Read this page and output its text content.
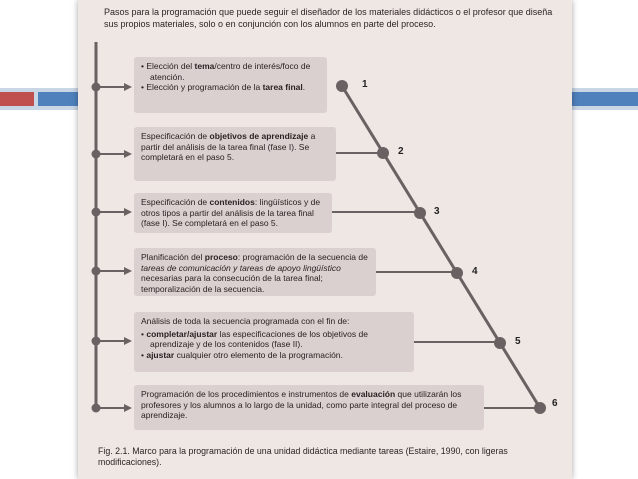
Pasos para la programación que puede seguir el diseñador de los materiales didácticos o el profesor que diseña sus propios materiales, solo o en conjunción con los alumnos en parte del proceso.
• Elección del tema/centro de interés/foco de atención.
• Elección y programación de la tarea final.	1
Especificación de objetivos de aprendizaje a partir del análisis de la tarea final (fase I). Se completará en el paso 5.
2
Especificación de contenidos: lingüísticos y de otros tipos a partir del análisis de la tarea final (fase I). Se completará en el paso 5.
3
Planificación del proceso: programación de la secuencia de tareas de comunicación y tareas de apoyo lingüístico necesarias para la consecución de la tarea final; temporalización de la secuencia.
4
Análisis de toda la secuencia programada con el fin de:
• completar/ajustar las especificaciones de los objetivos de aprendizaje y de los contenidos (fase II).
• ajustar cualquier otro elemento de la programación.
5
Programación de los procedimientos e instrumentos de evaluación que utilizarán los profesores y los alumnos a lo largo de la unidad, como parte integral del proceso de aprendizaje.
6
Fig. 2.1. Marco para la programación de una unidad didáctica mediante tareas (Estaire, 1990, con ligeras modificaciones).
